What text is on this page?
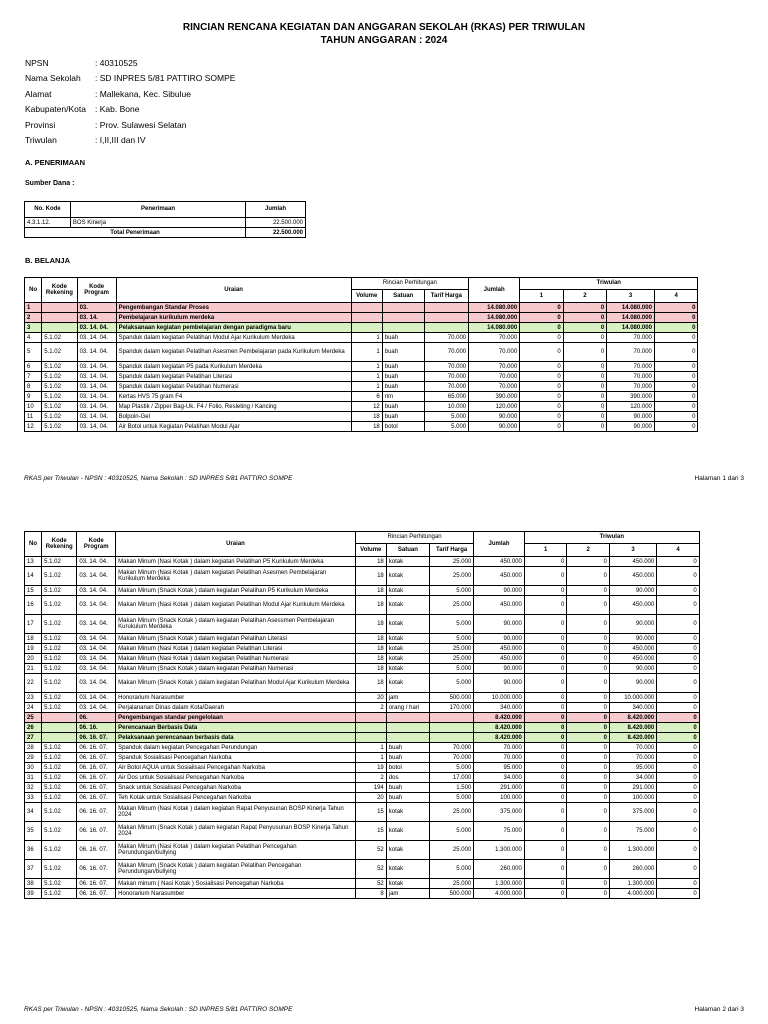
RINCIAN RENCANA KEGIATAN DAN ANGGARAN SEKOLAH (RKAS) PER TRIWULAN
TAHUN ANGGARAN : 2024
NPSN	: 40310525
Nama Sekolah : SD INPRES 5/81 PATTIRO SOMPE
Alamat	: Mallekana, Kec. Sibulue
Kabupaten/Kota : Kab. Bone
Provinsi	: Prov. Sulawesi Selatan
Triwulan	: I,II,III dan IV
A. PENERIMAAN
Sumber Dana :
No. Kode	Penerimaan	Jumlah
4.3.1.12.	BOS Kinerja	22.500.000
Total Penerimaan		22.500.000
B. BELANJA
No	Kode Rekening	Kode Program	Uraian	Rincian Perhitungan			Jumlah	Triwulan			
				Volume	Satuan	Tarif Harga		1	2	3	4
1		03.	Pengembangan Standar Proses				14.080.000	0	0	14.080.000	0
2		03. 14.	Pembelajaran kurikulum merdeka				14.080.000	0	0	14.080.000	0
3		03. 14. 04.	Pelaksanaan kegiatan pembelajaran dengan paradigma baru				14.080.000	0	0	14.080.000	0
4	5.1.02	03. 14. 04.	Spanduk dalam kegiatan Pelatihan Modul Ajar Kurikulum Merdeka	1	buah	70.000	70.000	0	0	70.000	0
5	5.1.02	03. 14. 04.	Spanduk dalam kegiatan Pelatihan Asesmen Pembelajaran pada Kurikulum Merdeka	1	buah	70.000	70.000	0	0	70.000	0
6	5.1.02	03. 14. 04.	Spanduk dalam kegiatan P5 pada Kurikulum Merdeka	1	buah	70.000	70.000	0	0	70.000	0
7	5.1.02	03. 14. 04.	Spanduk dalam kegiatan Pelatihan Literasi	1	buah	70.000	70.000	0	0	70.000	0
8	5.1.02	03. 14. 04.	Spanduk dalam kegiatan Pelatihan Numerasi	1	buah	70.000	70.000	0	0	70.000	0
9	5.1.02	03. 14. 04.	Kertas HVS 75 gram F4	6	rim	65.000	390.000	0	0	390.000	0
10	5.1.02	03. 14. 04.	Map Plastik / Zipper Bag-Uk. F4 / Folio, Resleting / Kancing	12	buah	10.000	120.000	0	0	120.000	0
11	5.1.02	03. 14. 04.	Bolpoin-Gel	18	buah	5.000	90.000	0	0	90.000	0
12	5.1.02	03. 14. 04.	Air Botol untuk Kegiatan Pelatihan Modul Ajar	18	botol	5.000	90.000	0	0	90.000	0
RKAS per Triwulan - NPSN : 40310525, Nama Sekolah : SD INPRES 5/81 PATTIRO SOMPE	Halaman 1 dari 3
No	Kode Rekening	Kode Program	Uraian	Rincian Perhitungan			Jumlah	Triwulan			
				Volume	Satuan	Tarif Harga		1	2	3	4
13	5.1.02	03. 14. 04.	Makan Minum (Nasi Kotak ) dalam kegiatan Pelatihan P5 Kurikulum Merdeka	18	kotak	25.000	450.000	0	0	450.000	0
14	5.1.02	03. 14. 04.	Makan Minum (Nasi Kotak ) dalam kegiatan Pelatihan Asesmen Pembelajaran Kurikulum Merdeka	18	kotak	25.000	450.000	0	0	450.000	0
15	5.1.02	03. 14. 04.	Makan Minum (Snack Kotak ) dalam kegiatan Pelatihan P5 Kurikulum Merdeka	18	kotak	5.000	90.000	0	0	90.000	0
16	5.1.02	03. 14. 04.	Makan Minum (Nasi Kotak ) dalam kegiatan Pelatihan Modul Ajar Kurikulum Merdeka	18	kotak	25.000	450.000	0	0	450.000	0
17	5.1.02	03. 14. 04.	Makan Minum (Snack Kotak ) dalam kegiatan Pelatihan Asessmen Pembelajaran Kurukulum Merdeka	18	kotak	5.000	90.000	0	0	90.000	0
18	5.1.02	03. 14. 04.	Makan Minum (Snack Kotak ) dalam kegiatan Pelatihan Literasi	18	kotak	5.000	90.000	0	0	90.000	0
19	5.1.02	03. 14. 04.	Makan Minum (Nasi Kotak ) dalam kegiatan Pelatihan Literasi	18	kotak	25.000	450.000	0	0	450.000	0
20	5.1.02	03. 14. 04.	Makan Minum (Nasi Kotak ) dalam kegiatan Pelatihan Numerasi	18	kotak	25.000	450.000	0	0	450.000	0
21	5.1.02	03. 14. 04.	Makan Minum (Snack Kotak ) dalam kegiatan Pelatihan Numerasi	18	kotak	5.000	90.000	0	0	90.000	0
22	5.1.02	03. 14. 04.	Makan Minum (Snack Kotak ) dalam kegiatan Pelatihan Modul Ajar Kurikulum Merdeka	18	kotak	5.000	90.000	0	0	90.000	0
23	5.1.02	03. 14. 04.	Honorarium Narasumber	20	jam	500.000	10.000.000	0	0	10.000.000	0
24	5.1.02	03. 14. 04.	Perjalananan Dinas dalam Kota/Daerah	2	orang / hari	170.000	340.000	0	0	340.000	0
25		06.	Pengembangan standar pengelolaan				8.420.000	0	0	8.420.000	0
26		06. 16.	Perencanaan Berbasis Data				8.420.000	0	0	8.420.000	0
27		06. 16. 07.	Pelaksanaan perencanaan berbasis data				8.420.000	0	0	8.420.000	0
28	5.1.02	06. 16. 07.	Spanduk dalam kegiatan Pencegahan Perundungan	1	buah	70.000	70.000	0	0	70.000	0
29	5.1.02	06. 16. 07.	Spanduk Sosialisasi Pencegahan Narkoba	1	buah	70.000	70.000	0	0	70.000	0
30	5.1.02	06. 16. 07.	Air Botol AQUA untuk Sosialisasi Pencegahan Narkoba	19	botol	5.000	95.000	0	0	95.000	0
31	5.1.02	06. 16. 07.	Air Dos untuk Sosialisasi Pencegahan Narkoba	2	dos	17.000	34.000	0	0	34.000	0
32	5.1.02	06. 16. 07.	Snack untuk Sosialisasi Pencegahan Narkoba	194	buah	1.500	291.000	0	0	291.000	0
33	5.1.02	06. 16. 07.	Teh Kotak untuk Sosialisasi Pencegahan Narkoba	20	buah	5.000	100.000	0	0	100.000	0
34	5.1.02	06. 16. 07.	Makan Minum (Nasi Kotak ) dalam kegiatan Rapat Penyusunan BOSP Kinerja Tahun 2024	15	kotak	25.000	375.000	0	0	375.000	0
35	5.1.02	06. 16. 07.	Makan Minum (Snack Kotak ) dalam kegiatan Rapat Penyusunan BOSP Kinerja Tahun 2024	15	kotak	5.000	75.000	0	0	75.000	0
36	5.1.02	06. 16. 07.	Makan Minum (Nasi Kotak ) dalam kegiatan Pelatihan Pencegahan Perundungan/bullying	52	kotak	25.000	1.300.000	0	0	1.300.000	0
37	5.1.02	06. 16. 07.	Makan Minum (Snack Kotak ) dalam kegiatan Pelatihan Pencegahan Perundungan/bullying	52	kotak	5.000	260.000	0	0	260.000	0
38	5.1.02	06. 16. 07.	Makan minum ( Nasi Kotak ) Sosialisasi Pencegahan Narkoba	52	kotak	25.000	1.300.000	0	0	1.300.000	0
39	5.1.02	06. 16. 07.	Honorarium Narasumber	8	jam	500.000	4.000.000	0	0	4.000.000	0
RKAS per Triwulan - NPSN : 40310525, Nama Sekolah : SD INPRES 5/81 PATTIRO SOMPE	Halaman 2 dari 3
